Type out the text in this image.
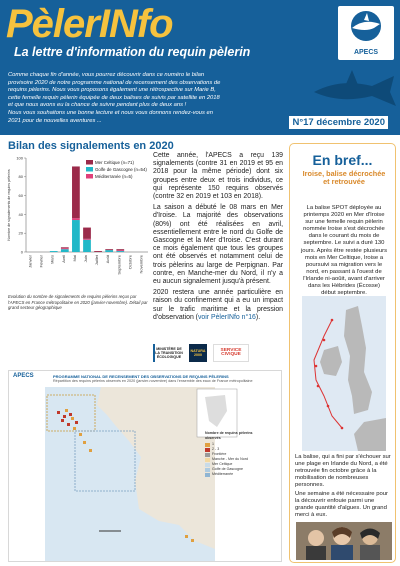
PèlerINfo
La lettre d'information du requin pèlerin	APECS

Comme chaque fin d'année, vous pourrez découvrir dans ce numéro le bilan

provisoire 2020 de notre programme national de recensement des observations de

requins pèlerins. Nous vous proposons également une rétrospective sur Marie B,

cette femelle requin pèlerin équipée de deux balises de suivis par satellite en 2018

et que nous avons eu la chance de suivre pendant plus de deux ans !

Nous vous souhaitons une bonne lecture et nous vous donnons rendez-vous en

2021 pour de nouvelles aventures ...	N°17 décembre 2020
Bilan des signalements en 2020
Nombre de signalements de requins pèlerins
0
20
40
60
80
100
Janvier Février Mars Avril Mai Juin Juillet Août Septembre Octobre Novembre
Mer Celtique (n=71)
Golfe de Gascogne (n=54)
Méditerranée (n=5)
Evolution du nombre de signalements de requins pèlerins reçus par l'APECS en France métropolitaine en 2020 (janvier-novembre). Détail par grand secteur géographique

Cette année, l'APECS a reçu 139 signalements (contre 31 en 2019 et 95 en 2018 pour la même période) dont six groupes entre deux et trois individus, ce qui représente 150 requins observés (contre 32 en 2019 et 103 en 2018).

La saison a débuté le 08 mars en Mer d'Iroise. La majorité des observations (80%) ont été réalisées en avril, essentiellement entre le nord du Golfe de Gascogne et la Mer d'Iroise. C'est durant ce mois également que tous les groupes ont été observés et notamment celui de trois pèlerins au large de Perpignan. Par contre, en Manche-mer du Nord, il n'y a eu aucun signalement jusqu'à présent.

2020 restera une année particulière en raison du confinement qui a eu un impact sur le trafic maritime et la pression d'observation (voir PèlerINfo n°16).

MINISTÈRE DE LA TRANSITION ÉCOLOGIQUE
NATURA 2000
SERVICE CIVIQUE
APECS	PROGRAMME NATIONAL DE RECENSEMENT DES OBSERVATIONS DE REQUINS PÈLERINS
Répartition des requins pèlerins observés en 2020 (janvier-novembre) dans l'ensemble des eaux de France métropolitaine
Nombre de requins pèlerins observés
1
2 - 3
Frontière
Manche - Mer du Nord
Mer Celtique
Golfe de Gascogne
Méditerranée
En bref...
Iroise, balise décrochée et retrouvée
La balise SPOT déployée au printemps 2020 en Mer d'Iroise sur une femelle requin pèlerin nommée Iroise s'est décrochée dans le courant du mois de septembre. Le suivi a duré 130 jours. Après être restée plusieurs mois en Mer Celtique, Iroise a poursuivi sa migration vers le nord, en passant à l'ouest de l'Irlande ni-aoûit, avant d'arriver dans les Hébrides (Écosse) début septembre.
La balise, qui a fini par s'échouer sur une plage en Irlande du Nord, a été retrouvée fin octobre grâce à la mobilisation de nombreuses personnes.
Une semaine a été nécessaire pour la découvrir enfouie parmi une grande quantité d'algues. Un grand merci à eux.
